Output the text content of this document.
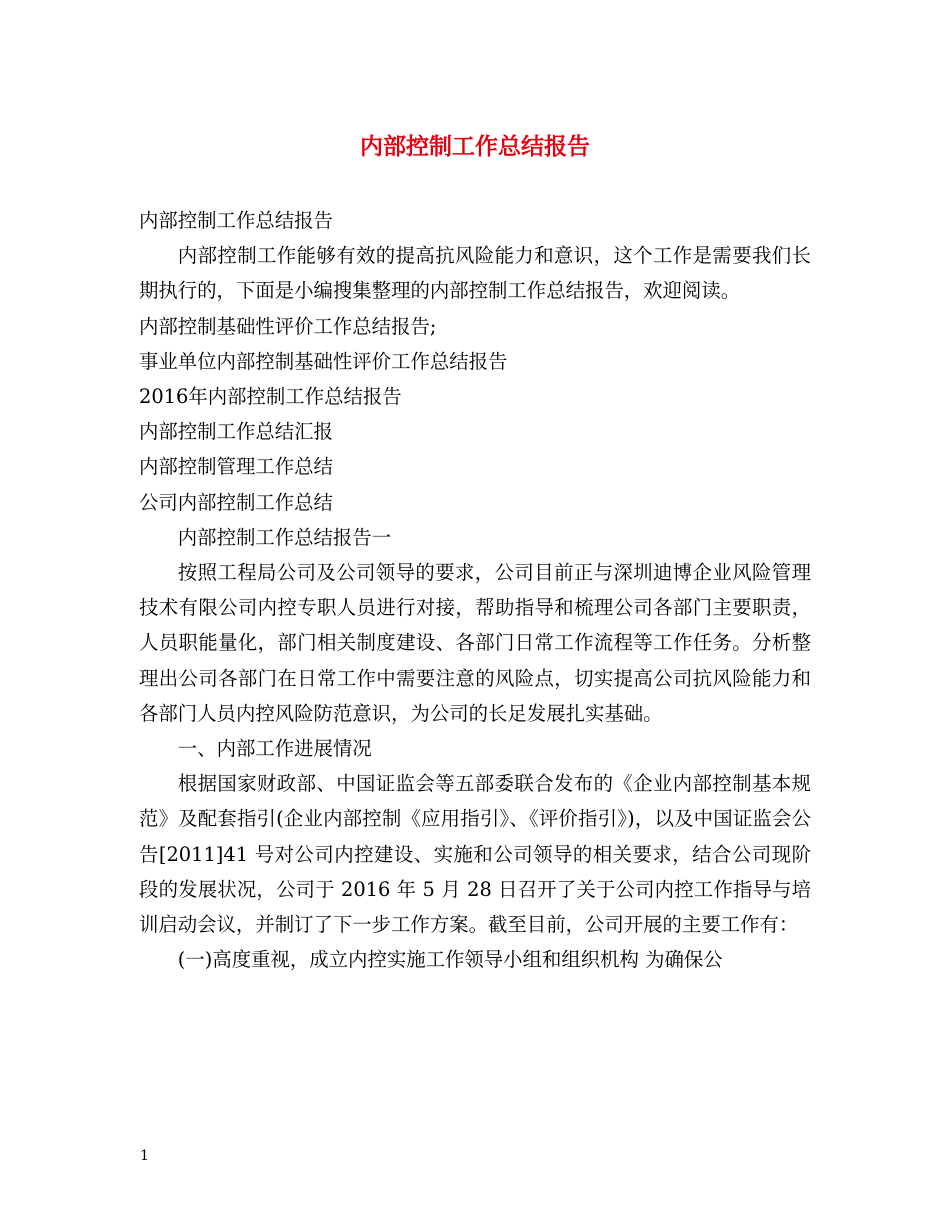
内部控制工作总结报告

内部控制工作总结报告

内部控制工作能够有效的提高抗风险能力和意识，这个工作是需要我们长期执行的，下面是小编搜集整理的内部控制工作总结报告，欢迎阅读。

内部控制基础性评价工作总结报告;

事业单位内部控制基础性评价工作总结报告

2016年内部控制工作总结报告

内部控制工作总结汇报

内部控制管理工作总结

公司内部控制工作总结

内部控制工作总结报告一

按照工程局公司及公司领导的要求，公司目前正与深圳迪博企业风险管理技术有限公司内控专职人员进行对接，帮助指导和梳理公司各部门主要职责，人员职能量化，部门相关制度建设、各部门日常工作流程等工作任务。分析整理出公司各部门在日常工作中需要注意的风险点，切实提高公司抗风险能力和各部门人员内控风险防范意识，为公司的长足发展扎实基础。

一、内部工作进展情况

根据国家财政部、中国证监会等五部委联合发布的《企业内部控制基本规范》及配套指引(企业内部控制《应用指引》、《评价指引》)，以及中国证监会公告[2011]41 号对公司内控建设、实施和公司领导的相关要求，结合公司现阶段的发展状况，公司于 2016 年 5 月 28 日召开了关于公司内控工作指导与培训启动会议，并制订了下一步工作方案。截至目前，公司开展的主要工作有：

(一)高度重视，成立内控实施工作领导小组和组织机构 为确保公

1
